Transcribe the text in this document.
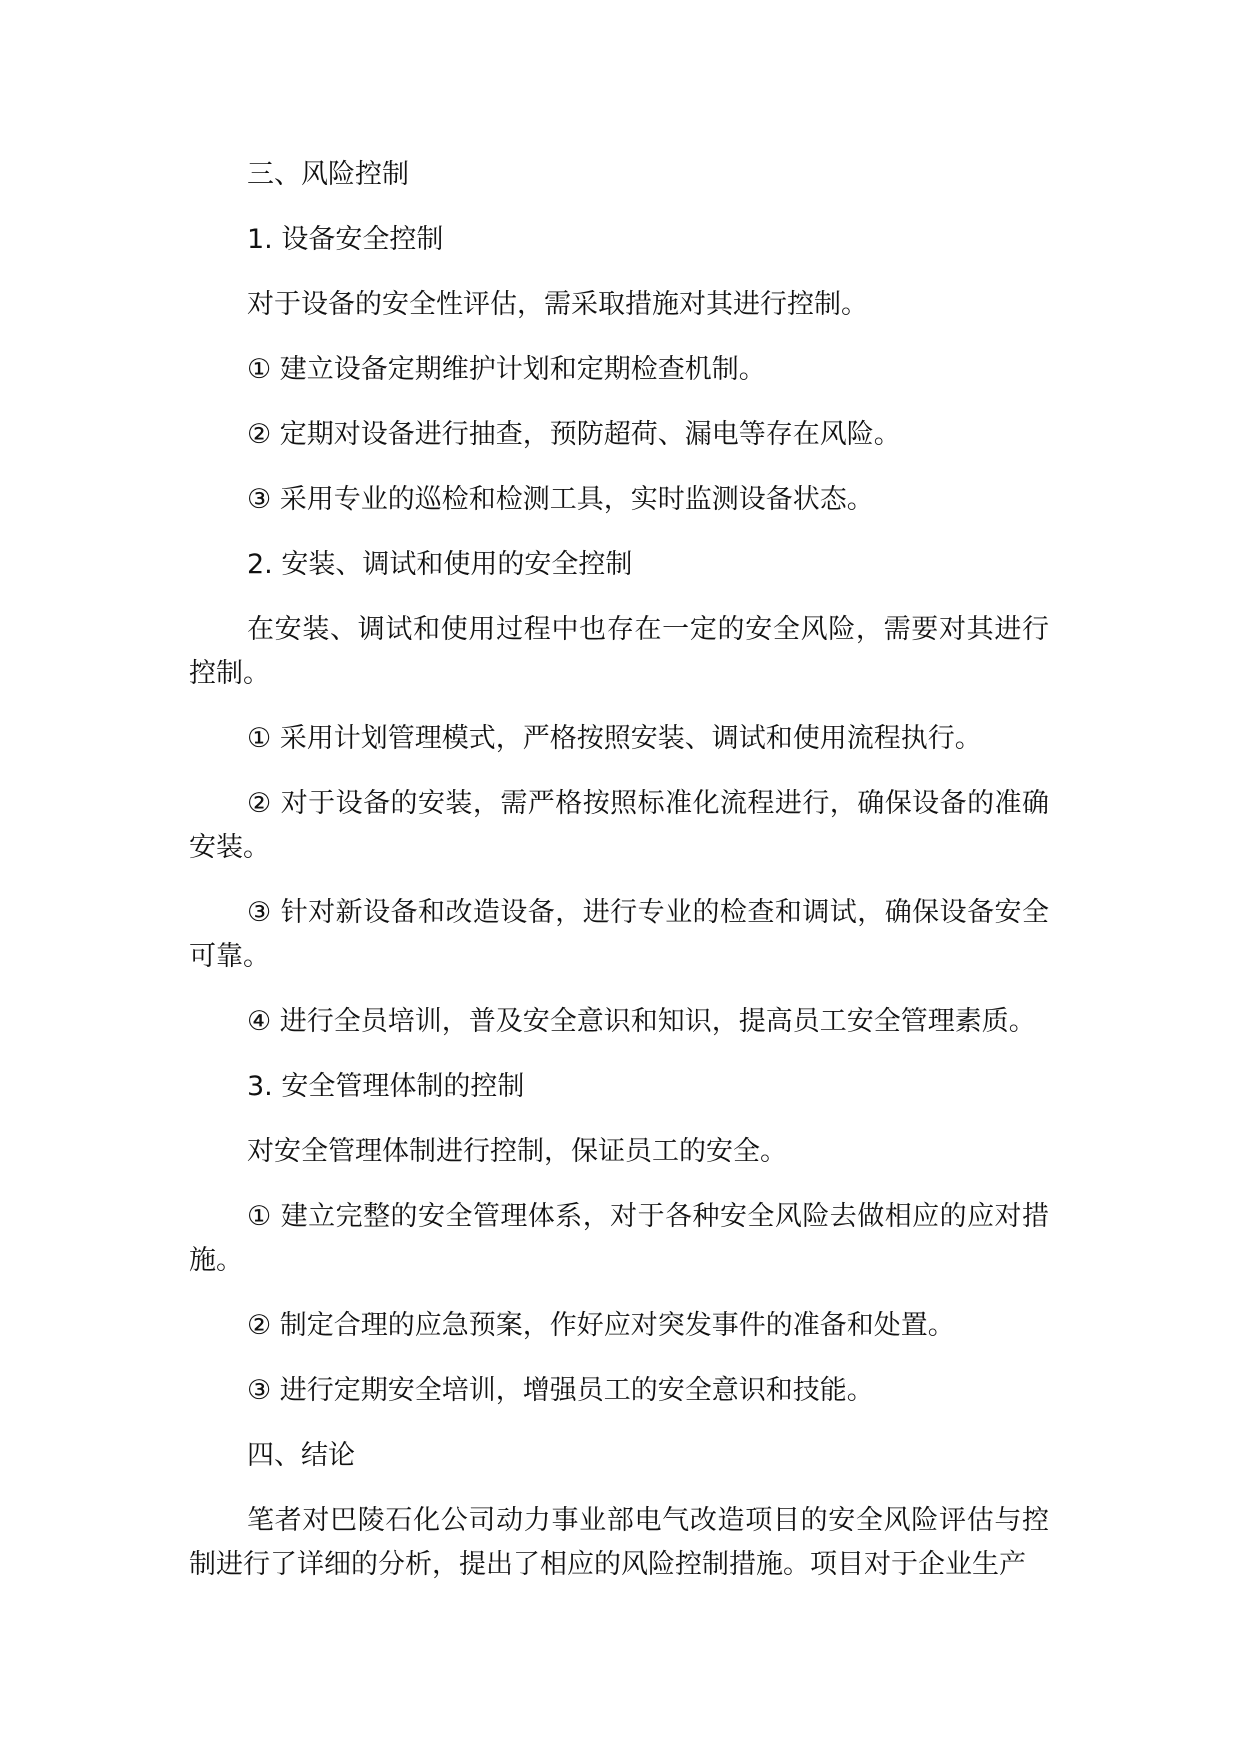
三、风险控制

1. 设备安全控制

对于设备的安全性评估，需采取措施对其进行控制。

① 建立设备定期维护计划和定期检查机制。

② 定期对设备进行抽查，预防超荷、漏电等存在风险。

③ 采用专业的巡检和检测工具，实时监测设备状态。

2. 安装、调试和使用的安全控制

在安装、调试和使用过程中也存在一定的安全风险，需要对其进行控制。

① 采用计划管理模式，严格按照安装、调试和使用流程执行。

② 对于设备的安装，需严格按照标准化流程进行，确保设备的准确安装。

③ 针对新设备和改造设备，进行专业的检查和调试，确保设备安全可靠。

④ 进行全员培训，普及安全意识和知识，提高员工安全管理素质。

3. 安全管理体制的控制

对安全管理体制进行控制，保证员工的安全。

① 建立完整的安全管理体系，对于各种安全风险去做相应的应对措施。

② 制定合理的应急预案，作好应对突发事件的准备和处置。

③ 进行定期安全培训，增强员工的安全意识和技能。

四、结论

笔者对巴陵石化公司动力事业部电气改造项目的安全风险评估与控制进行了详细的分析，提出了相应的风险控制措施。项目对于企业生产
